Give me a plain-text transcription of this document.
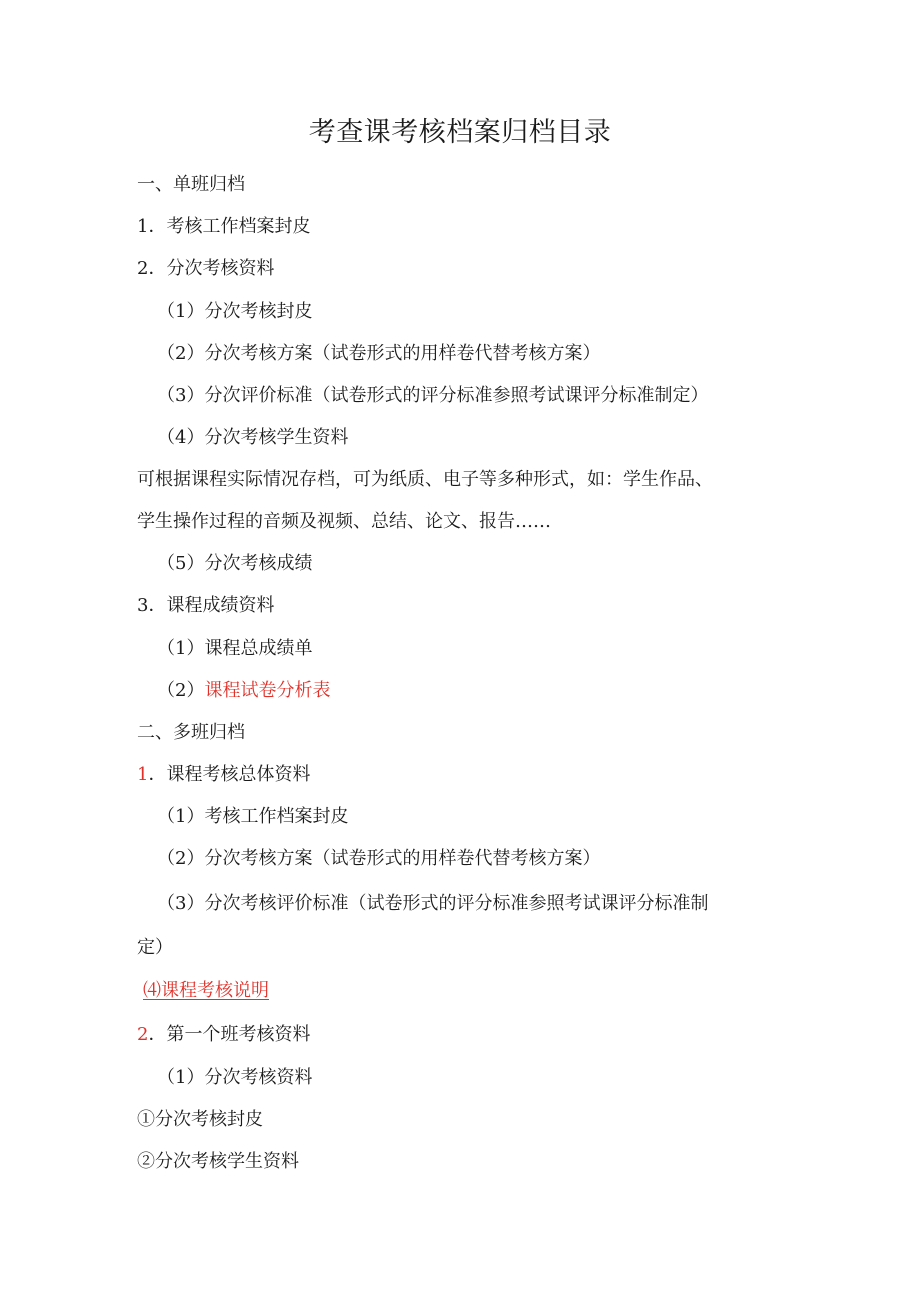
考查课考核档案归档目录

一、单班归档

1．考核工作档案封皮

2．分次考核资料

（1）分次考核封皮

（2）分次考核方案（试卷形式的用样卷代替考核方案）

（3）分次评价标准（试卷形式的评分标准参照考试课评分标准制定）

（4）分次考核学生资料

可根据课程实际情况存档，可为纸质、电子等多种形式，如：学生作品、

学生操作过程的音频及视频、总结、论文、报告……

（5）分次考核成绩

3．课程成绩资料

（1）课程总成绩单

（2）课程试卷分析表

二、多班归档

1．课程考核总体资料

（1）考核工作档案封皮

（2）分次考核方案（试卷形式的用样卷代替考核方案）

（3）分次考核评价标准（试卷形式的评分标准参照考试课评分标准制

定）

⑷课程考核说明

2．第一个班考核资料

（1）分次考核资料

①分次考核封皮

②分次考核学生资料
